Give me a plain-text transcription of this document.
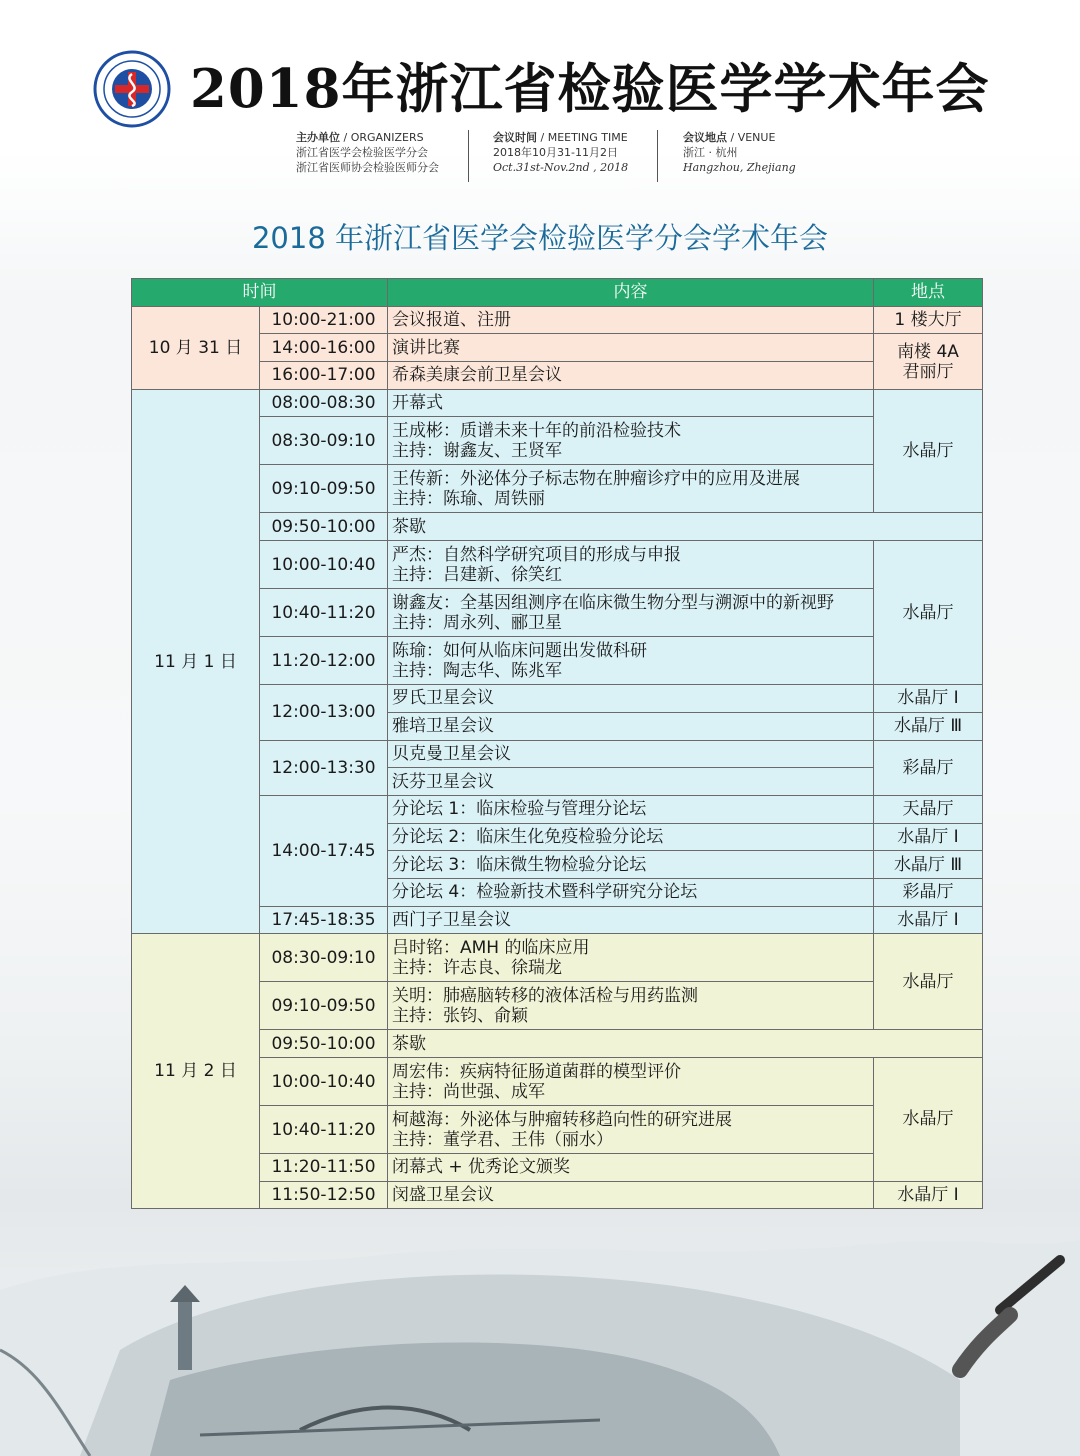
2018年浙江省检验医学学术年会
主办单位 / ORGANIZERS
浙江省医学会检验医学分会
浙江省医师协会检验医师分会
会议时间 / MEETING TIME
2018年10月31-11月2日
Oct.31st-Nov.2nd , 2018
会议地点 / VENUE
浙江 · 杭州
Hangzhou, Zhejiang
2018 年浙江省医学会检验医学分会学术年会
时间		内容	地点
10 月 31 日	10:00-21:00	会议报道、注册	1 楼大厅

	14:00-16:00	演讲比赛	南楼 4A
君丽厅

	16:00-17:00	希森美康会前卫星会议	

11 月 1 日	08:00-08:30	开幕式	水晶厅

	08:30-09:10	王成彬：质谱未来十年的前沿检验技术
主持：谢鑫友、王贤军	

	09:10-09:50	王传新：外泌体分子标志物在肿瘤诊疗中的应用及进展
主持：陈瑜、周铁丽	

	09:50-10:00	茶歇	

	10:00-10:40	严杰：自然科学研究项目的形成与申报
主持：吕建新、徐笑红	水晶厅

	10:40-11:20	谢鑫友：全基因组测序在临床微生物分型与溯源中的新视野
主持：周永列、郦卫星	

	11:20-12:00	陈瑜：如何从临床问题出发做科研
主持：陶志华、陈兆军	

	12:00-13:00	罗氏卫星会议	水晶厅 Ⅰ

		雅培卫星会议	水晶厅 Ⅲ

	12:00-13:30	贝克曼卫星会议	彩晶厅

		沃芬卫星会议	

	14:00-17:45	分论坛 1：临床检验与管理分论坛	天晶厅

		分论坛 2：临床生化免疫检验分论坛	水晶厅 Ⅰ

		分论坛 3：临床微生物检验分论坛	水晶厅 Ⅲ

		分论坛 4：检验新技术暨科学研究分论坛	彩晶厅

	17:45-18:35	西门子卫星会议	水晶厅 Ⅰ

11 月 2 日	08:30-09:10	吕时铭：AMH 的临床应用
主持：许志良、徐瑞龙	水晶厅

	09:10-09:50	关明：肺癌脑转移的液体活检与用药监测
主持：张钧、俞颖	

	09:50-10:00	茶歇	

	10:00-10:40	周宏伟：疾病特征肠道菌群的模型评价
主持：尚世强、成军	水晶厅

	10:40-11:20	柯越海：外泌体与肿瘤转移趋向性的研究进展
主持：董学君、王伟（丽水）	

	11:20-11:50	闭幕式 + 优秀论文颁奖	

	11:50-12:50	闵盛卫星会议	水晶厅 Ⅰ
